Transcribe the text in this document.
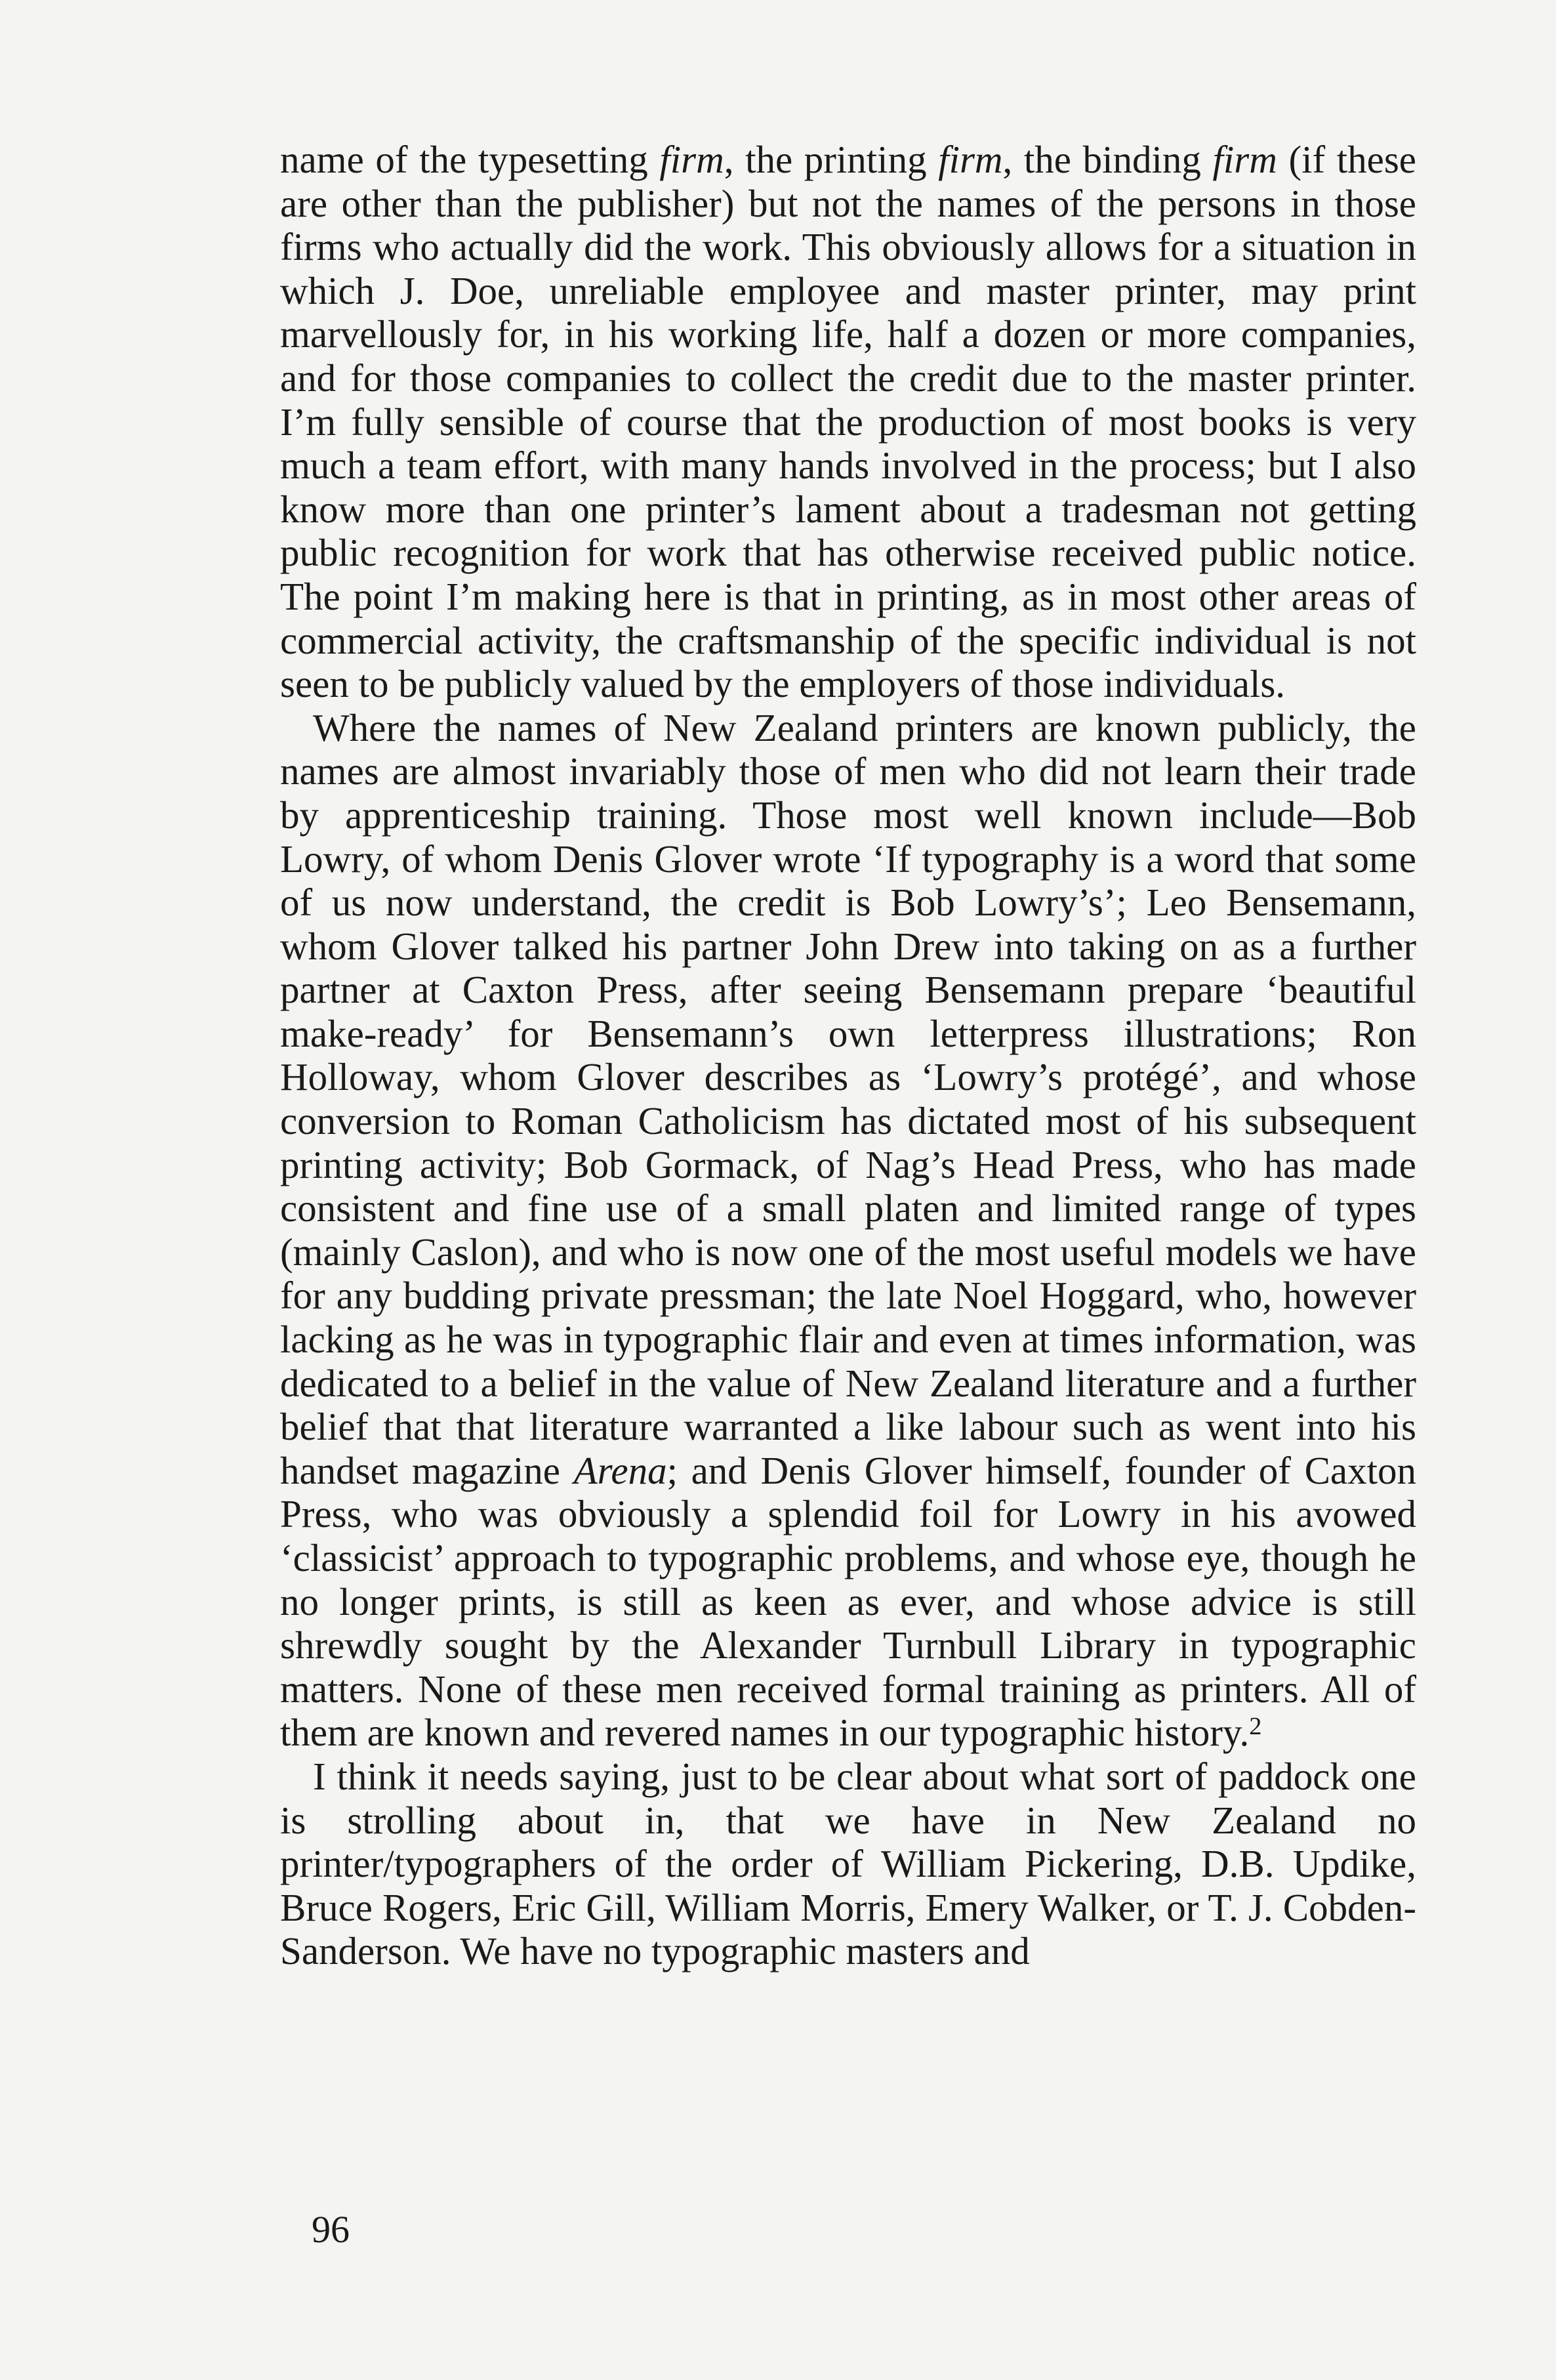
name of the typesetting firm, the printing firm, the binding firm (if these are other than the publisher) but not the names of the persons in those firms who actually did the work. This obviously allows for a situation in which J. Doe, unreliable employee and master printer, may print marvellously for, in his working life, half a dozen or more companies, and for those companies to collect the credit due to the master printer. I’m fully sensible of course that the production of most books is very much a team effort, with many hands involved in the process; but I also know more than one printer’s lament about a tradesman not getting public recognition for work that has otherwise received public notice. The point I’m making here is that in printing, as in most other areas of commercial activity, the craftsmanship of the specific individual is not seen to be publicly valued by the employers of those individuals.

Where the names of New Zealand printers are known publicly, the names are almost invariably those of men who did not learn their trade by apprenticeship training. Those most well known include—Bob Lowry, of whom Denis Glover wrote ‘If typography is a word that some of us now understand, the credit is Bob Lowry’s’; Leo Bensemann, whom Glover talked his partner John Drew into taking on as a further partner at Caxton Press, after seeing Bensemann prepare ‘beautiful make-ready’ for Bensemann’s own letterpress illustrations; Ron Holloway, whom Glover describes as ‘Lowry’s protégé’, and whose conversion to Roman Catholicism has dictated most of his subsequent printing activity; Bob Gormack, of Nag’s Head Press, who has made consistent and fine use of a small platen and limited range of types (mainly Caslon), and who is now one of the most useful models we have for any budding private pressman; the late Noel Hoggard, who, however lacking as he was in typographic flair and even at times information, was dedicated to a belief in the value of New Zealand literature and a further belief that that literature warranted a like labour such as went into his handset magazine Arena; and Denis Glover himself, founder of Caxton Press, who was obviously a splendid foil for Lowry in his avowed ‘classicist’ approach to typographic problems, and whose eye, though he no longer prints, is still as keen as ever, and whose advice is still shrewdly sought by the Alexander Turnbull Library in typographic matters. None of these men received formal training as printers. All of them are known and revered names in our typographic history.$^2$

I think it needs saying, just to be clear about what sort of paddock one is strolling about in, that we have in New Zealand no printer/typographers of the order of William Pickering, D.B. Updike, Bruce Rogers, Eric Gill, William Morris, Emery Walker, or T. J. Cobden-Sanderson. We have no typographic masters and

96
